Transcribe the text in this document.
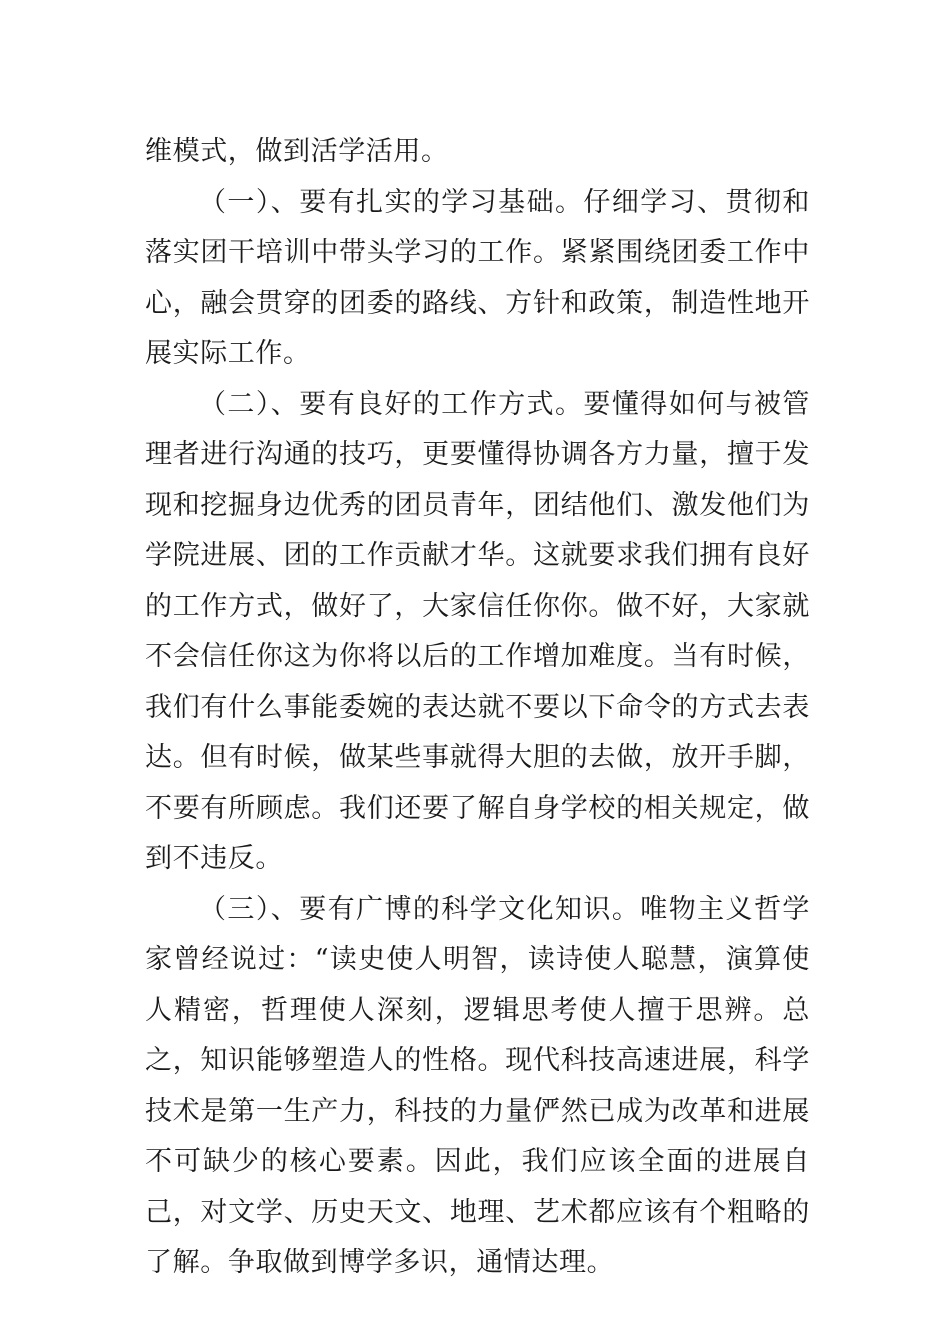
维模式，做到活学活用。

（一）、要有扎实的学习基础。仔细学习、贯彻和落实团干培训中带头学习的工作。紧紧围绕团委工作中心，融会贯穿的团委的路线、方针和政策，制造性地开展实际工作。

（二）、要有良好的工作方式。要懂得如何与被管理者进行沟通的技巧，更要懂得协调各方力量，擅于发现和挖掘身边优秀的团员青年，团结他们、激发他们为学院进展、团的工作贡献才华。这就要求我们拥有良好的工作方式，做好了，大家信任你你。做不好，大家就不会信任你这为你将以后的工作增加难度。当有时候，我们有什么事能委婉的表达就不要以下命令的方式去表达。但有时候，做某些事就得大胆的去做，放开手脚，不要有所顾虑。我们还要了解自身学校的相关规定，做到不违反。

（三）、要有广博的科学文化知识。唯物主义哲学家曾经说过：“读史使人明智，读诗使人聪慧，演算使人精密，哲理使人深刻，逻辑思考使人擅于思辨。总之，知识能够塑造人的性格。现代科技高速进展，科学技术是第一生产力，科技的力量俨然已成为改革和进展不可缺少的核心要素。因此，我们应该全面的进展自己，对文学、历史天文、地理、艺术都应该有个粗略的了解。争取做到博学多识，通情达理。
